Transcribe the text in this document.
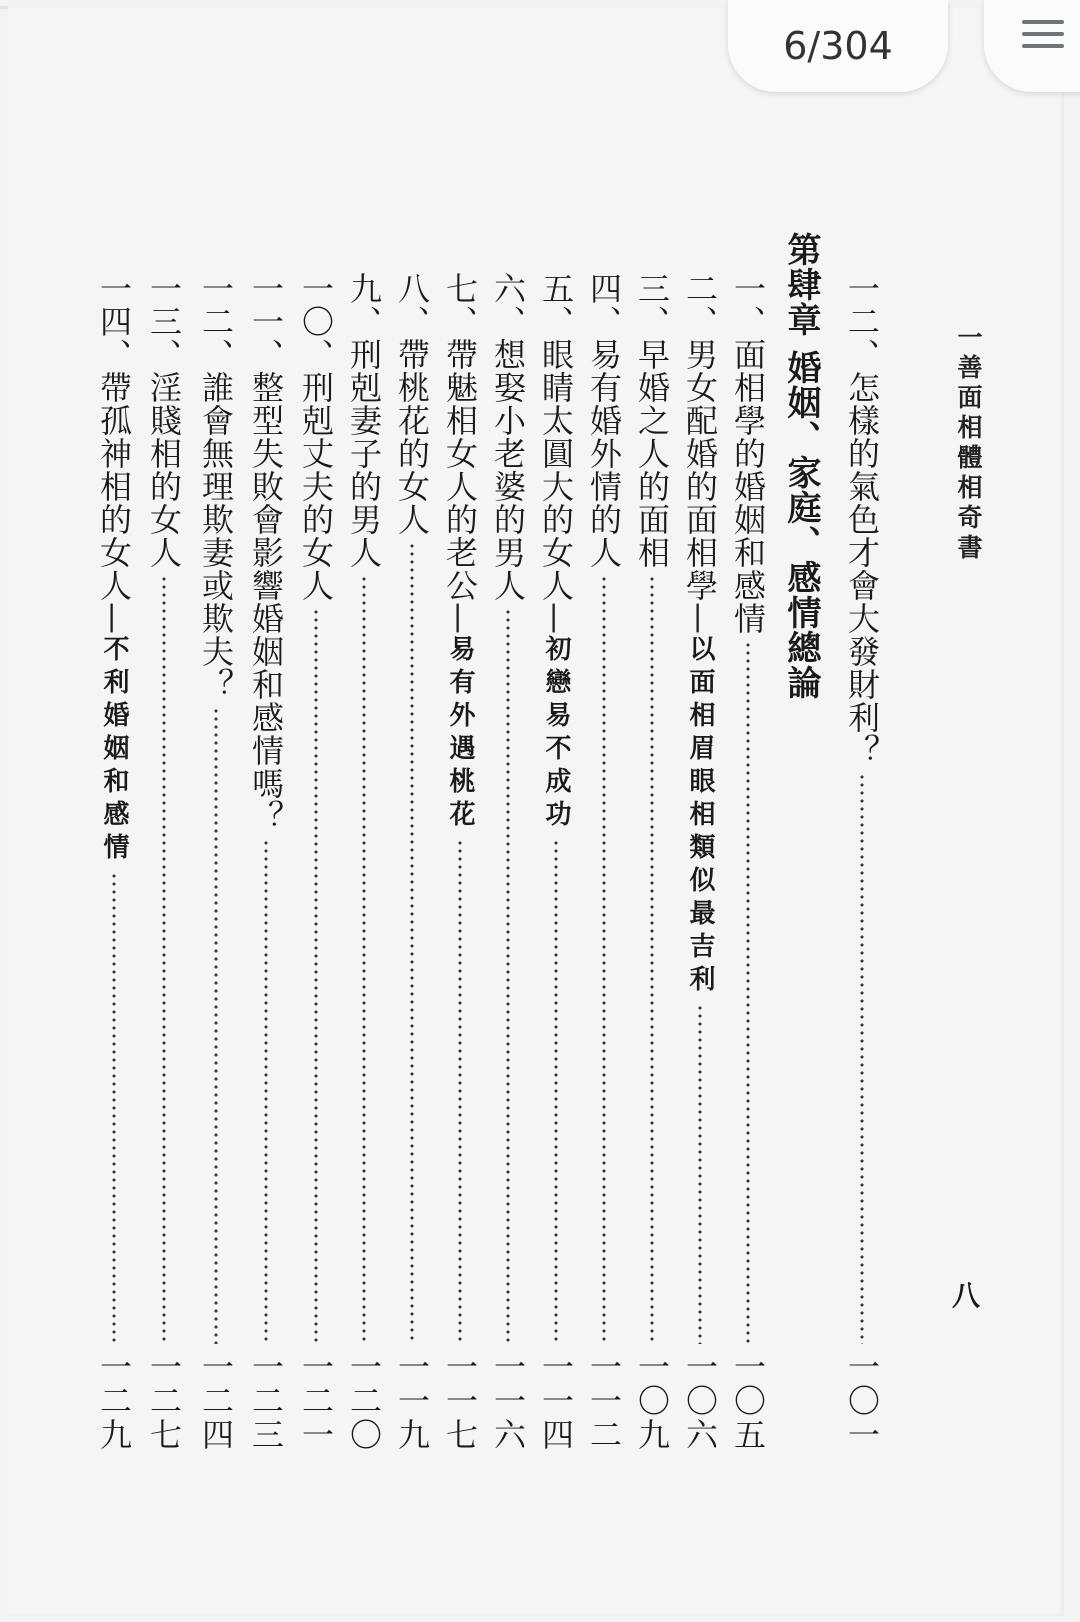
一善面相體相奇書
八
第肆章 婚姻、家庭、感情總論 一二、怎樣的氣色才會大發財利？
一〇一
一、面相學的婚姻和感情
一〇五
二、男女配婚的面相學—
以面相眉眼相類似最吉利
一〇六
三、早婚之人的面相
一〇九
四、易有婚外情的人
一一二
五、眼睛太圓大的女人—
初戀易不成功
一一四
六、想娶小老婆的男人
一一六
七、帶魅相女人的老公—
易有外遇桃花
一一七
八、帶桃花的女人
一一九
九、刑剋妻子的男人
一二〇
一〇、刑剋丈夫的女人
一二一
一一、整型失敗會影響婚姻和感情嗎？
一二三
一二、誰會無理欺妻或欺夫？
一二四
一三、淫賤相的女人
一二七
一四、帶孤神相的女人—
不利婚姻和感情
一二九
6/304
